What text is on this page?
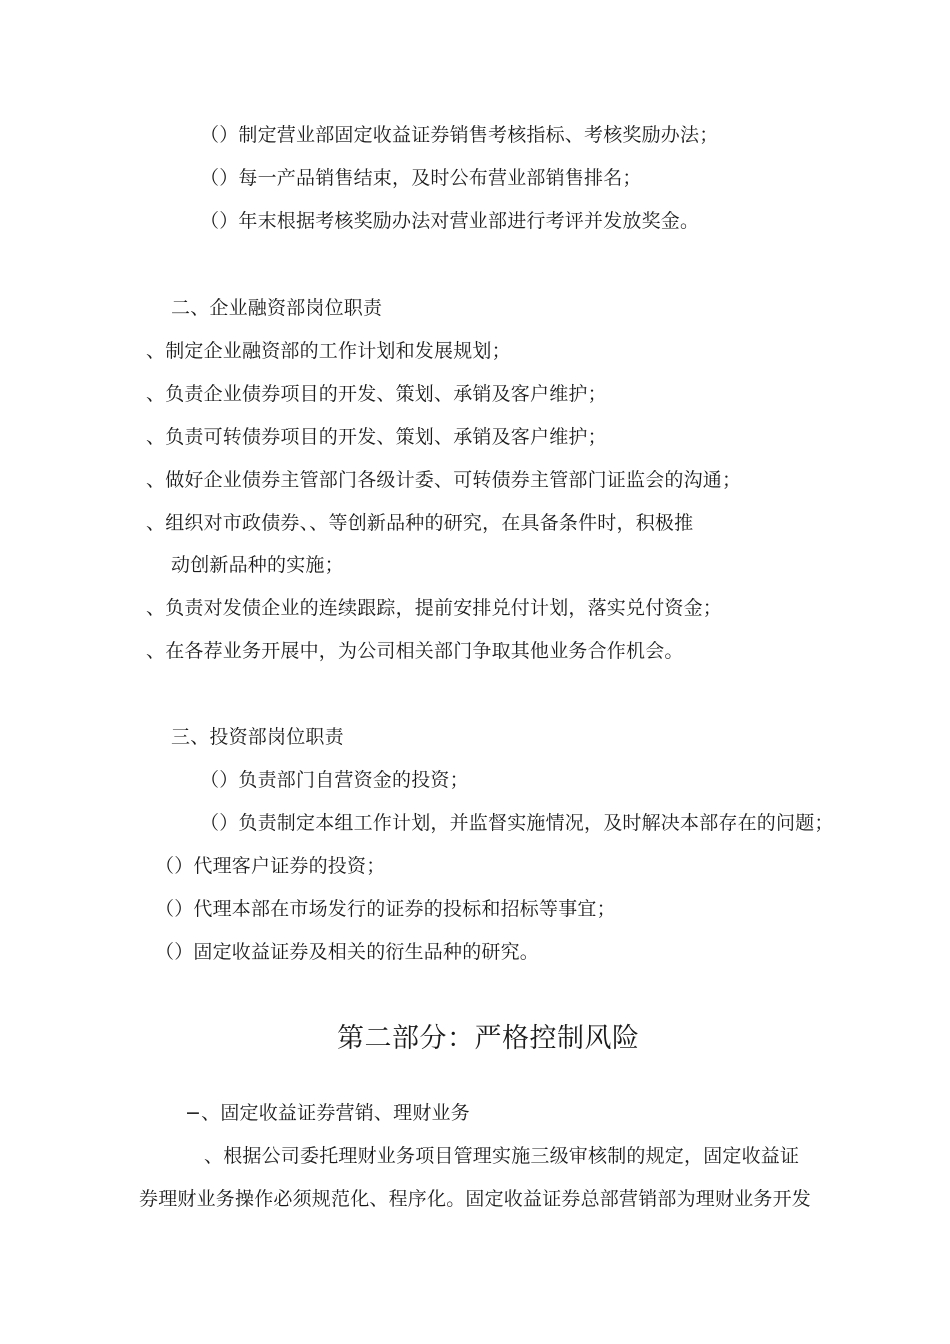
（）制定营业部固定收益证券销售考核指标、考核奖励办法；
（）每一产品销售结束，及时公布营业部销售排名；
（）年末根据考核奖励办法对营业部进行考评并发放奖金。
二、企业融资部岗位职责
、制定企业融资部的工作计划和发展规划；
、负责企业债券项目的开发、策划、承销及客户维护；
、负责可转债券项目的开发、策划、承销及客户维护；
、做好企业债券主管部门各级计委、可转债券主管部门证监会的沟通；
、组织对市政债券、、等创新品种的研究，在具备条件时，积极推
动创新品种的实施；
、负责对发债企业的连续跟踪，提前安排兑付计划，落实兑付资金；
、在各荐业务开展中，为公司相关部门争取其他业务合作机会。
三、投资部岗位职责
（）负责部门自营资金的投资；
（）负责制定本组工作计划，并监督实施情况，及时解决本部存在的问题；
（）代理客户证券的投资；
（）代理本部在市场发行的证券的投标和招标等事宜；
（）固定收益证券及相关的衍生品种的研究。
第二部分：严格控制风险
−、固定收益证券营销、理财业务
、根据公司委托理财业务项目管理实施三级审核制的规定，固定收益证
券理财业务操作必须规范化、程序化。固定收益证券总部营销部为理财业务开发
